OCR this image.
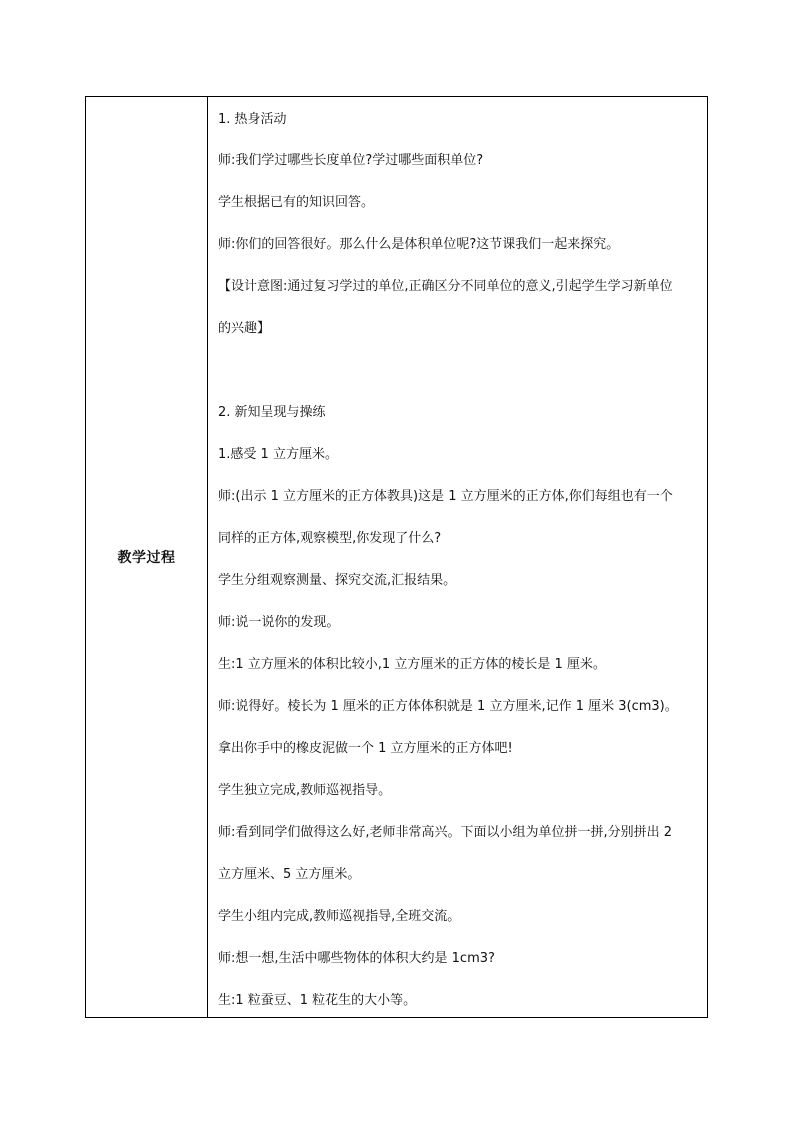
教学过程
1. 热身活动
师:我们学过哪些长度单位?学过哪些面积单位?
学生根据已有的知识回答。
师:你们的回答很好。那么什么是体积单位呢?这节课我们一起来探究。
【设计意图:通过复习学过的单位,正确区分不同单位的意义,引起学生学习新单位
的兴趣】
2. 新知呈现与操练
1.感受 1 立方厘米。
师:(出示 1 立方厘米的正方体教具)这是 1 立方厘米的正方体,你们每组也有一个
同样的正方体,观察模型,你发现了什么?
学生分组观察测量、探究交流,汇报结果。
师:说一说你的发现。
生:1 立方厘米的体积比较小,1 立方厘米的正方体的棱长是 1 厘米。
师:说得好。棱长为 1 厘米的正方体体积就是 1 立方厘米,记作 1 厘米 3(cm3)。
拿出你手中的橡皮泥做一个 1 立方厘米的正方体吧!
学生独立完成,教师巡视指导。
师:看到同学们做得这么好,老师非常高兴。下面以小组为单位拼一拼,分别拼出 2
立方厘米、5 立方厘米。
学生小组内完成,教师巡视指导,全班交流。
师:想一想,生活中哪些物体的体积大约是 1cm3?
生:1 粒蚕豆、1 粒花生的大小等。
